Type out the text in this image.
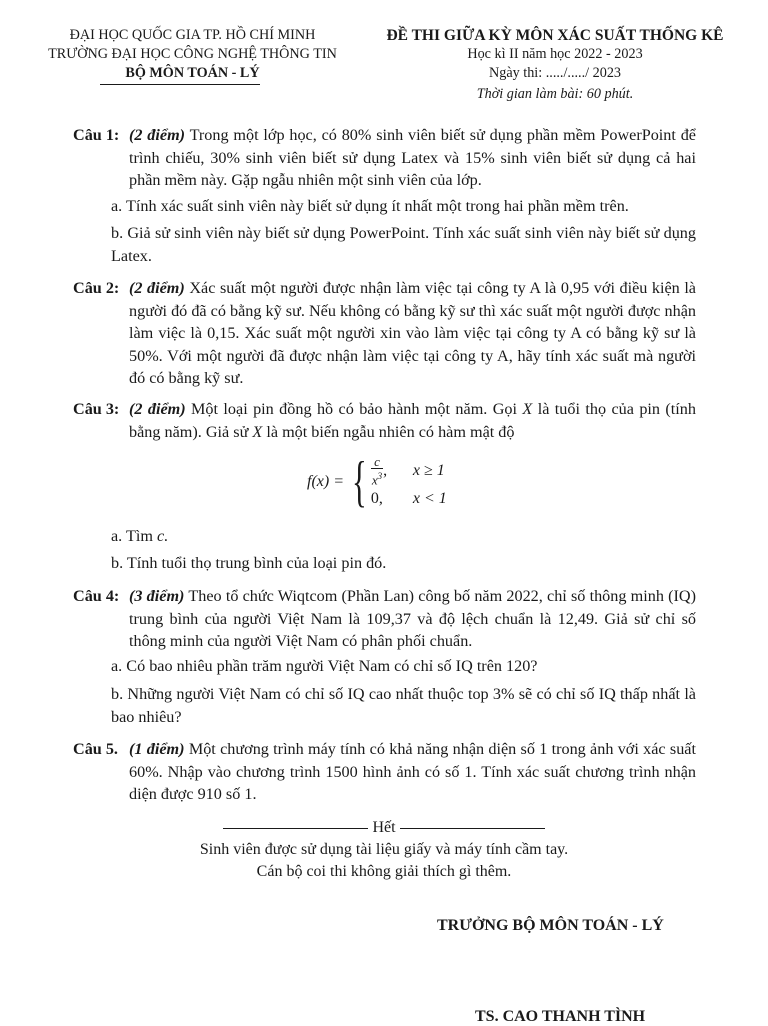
ĐẠI HỌC QUỐC GIA TP. HỒ CHÍ MINH
TRƯỜNG ĐẠI HỌC CÔNG NGHỆ THÔNG TIN
BỘ MÔN TOÁN - LÝ
ĐỀ THI GIỮA KỲ MÔN XÁC SUẤT THỐNG KÊ
Học kì II năm học 2022 - 2023
Ngày thi: ...../...../ 2023
Thời gian làm bài: 60 phút.
Câu 1: (2 điểm) Trong một lớp học, có 80% sinh viên biết sử dụng phần mềm PowerPoint để trình chiếu, 30% sinh viên biết sử dụng Latex và 15% sinh viên biết sử dụng cả hai phần mềm này. Gặp ngẫu nhiên một sinh viên của lớp.
a. Tính xác suất sinh viên này biết sử dụng ít nhất một trong hai phần mềm trên.
b. Giả sử sinh viên này biết sử dụng PowerPoint. Tính xác suất sinh viên này biết sử dụng Latex.
Câu 2: (2 điểm) Xác suất một người được nhận làm việc tại công ty A là 0,95 với điều kiện là người đó đã có bằng kỹ sư. Nếu không có bằng kỹ sư thì xác suất một người được nhận làm việc là 0,15. Xác suất một người xin vào làm việc tại công ty A có bằng kỹ sư là 50%. Với một người đã được nhận làm việc tại công ty A, hãy tính xác suất mà người đó có bằng kỹ sư.
Câu 3: (2 điểm) Một loại pin đồng hồ có bảo hành một năm. Gọi X là tuổi thọ của pin (tính bằng năm). Giả sử X là một biến ngẫu nhiên có hàm mật độ
f(x) = { $\frac{c}{x^3}$ ,	x ≥ 1
0,	x < 1
a. Tìm c.
b. Tính tuổi thọ trung bình của loại pin đó.
Câu 4: (3 điểm) Theo tổ chức Wiqtcom (Phần Lan) công bố năm 2022, chỉ số thông minh (IQ) trung bình của người Việt Nam là 109,37 và độ lệch chuẩn là 12,49. Giả sử chỉ số thông minh của người Việt Nam có phân phối chuẩn.
a. Có bao nhiêu phần trăm người Việt Nam có chỉ số IQ trên 120?
b. Những người Việt Nam có chỉ số IQ cao nhất thuộc top 3% sẽ có chỉ số IQ thấp nhất là bao nhiêu?
Câu 5. (1 điểm) Một chương trình máy tính có khả năng nhận diện số 1 trong ảnh với xác suất 60%. Nhập vào chương trình 1500 hình ảnh có số 1. Tính xác suất chương trình nhận diện được 910 số 1.
Hết
Sinh viên được sử dụng tài liệu giấy và máy tính cầm tay.
Cán bộ coi thi không giải thích gì thêm.
TRƯỞNG BỘ MÔN TOÁN - LÝ
TS. CAO THANH TÌNH
